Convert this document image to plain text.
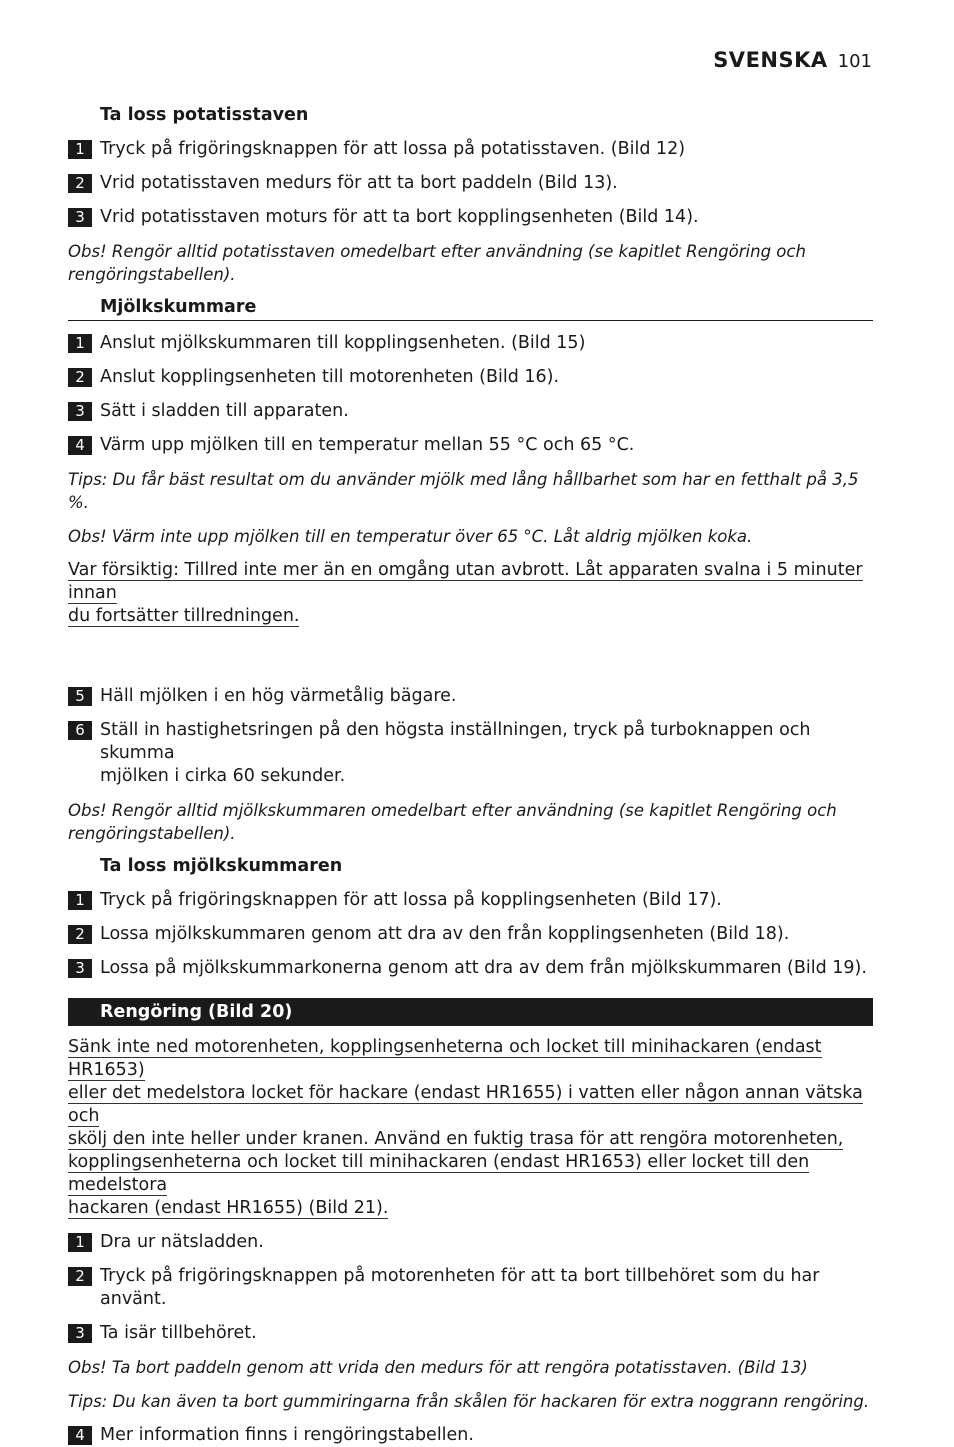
SVENSKA 101

Ta loss potatisstaven

1 Tryck på frigöringsknappen för att lossa på potatisstaven. (Bild 12)
2 Vrid potatisstaven medurs för att ta bort paddeln (Bild 13).
3 Vrid potatisstaven moturs för att ta bort kopplingsenheten (Bild 14).
Obs! Rengör alltid potatisstaven omedelbart efter användning (se kapitlet Rengöring och
rengöringstabellen).

Mjölkskummare

1 Anslut mjölkskummaren till kopplingsenheten. (Bild 15)
2 Anslut kopplingsenheten till motorenheten (Bild 16).
3 Sätt i sladden till apparaten.
4 Värm upp mjölken till en temperatur mellan 55 °C och 65 °C.
Tips: Du får bäst resultat om du använder mjölk med lång hållbarhet som har en fetthalt på 3,5 %.
Obs! Värm inte upp mjölken till en temperatur över 65 °C. Låt aldrig mjölken koka.
Var försiktig: Tillred inte mer än en omgång utan avbrott. Låt apparaten svalna i 5 minuter innan
du fortsätter tillredningen.
5 Häll mjölken i en hög värmetålig bägare.
6 Ställ in hastighetsringen på den högsta inställningen, tryck på turboknappen och skumma
mjölken i cirka 60 sekunder.
Obs! Rengör alltid mjölkskummaren omedelbart efter användning (se kapitlet Rengöring och
rengöringstabellen).

Ta loss mjölkskummaren

1 Tryck på frigöringsknappen för att lossa på kopplingsenheten (Bild 17).
2 Lossa mjölkskummaren genom att dra av den från kopplingsenheten (Bild 18).
3 Lossa på mjölkskummarkonerna genom att dra av dem från mjölkskummaren (Bild 19).
Rengöring (Bild 20)
Sänk inte ned motorenheten, kopplingsenheterna och locket till minihackaren (endast HR1653)
eller det medelstora locket för hackare (endast HR1655) i vatten eller någon annan vätska och
skölj den inte heller under kranen. Använd en fuktig trasa för att rengöra motorenheten,
kopplingsenheterna och locket till minihackaren (endast HR1653) eller locket till den medelstora
hackaren (endast HR1655) (Bild 21).
1 Dra ur nätsladden.
2 Tryck på frigöringsknappen på motorenheten för att ta bort tillbehöret som du har använt.
3 Ta isär tillbehöret.
Obs! Ta bort paddeln genom att vrida den medurs för att rengöra potatisstaven. (Bild 13)
Tips: Du kan även ta bort gummiringarna från skålen för hackaren för extra noggrann rengöring.
4 Mer information finns i rengöringstabellen.
